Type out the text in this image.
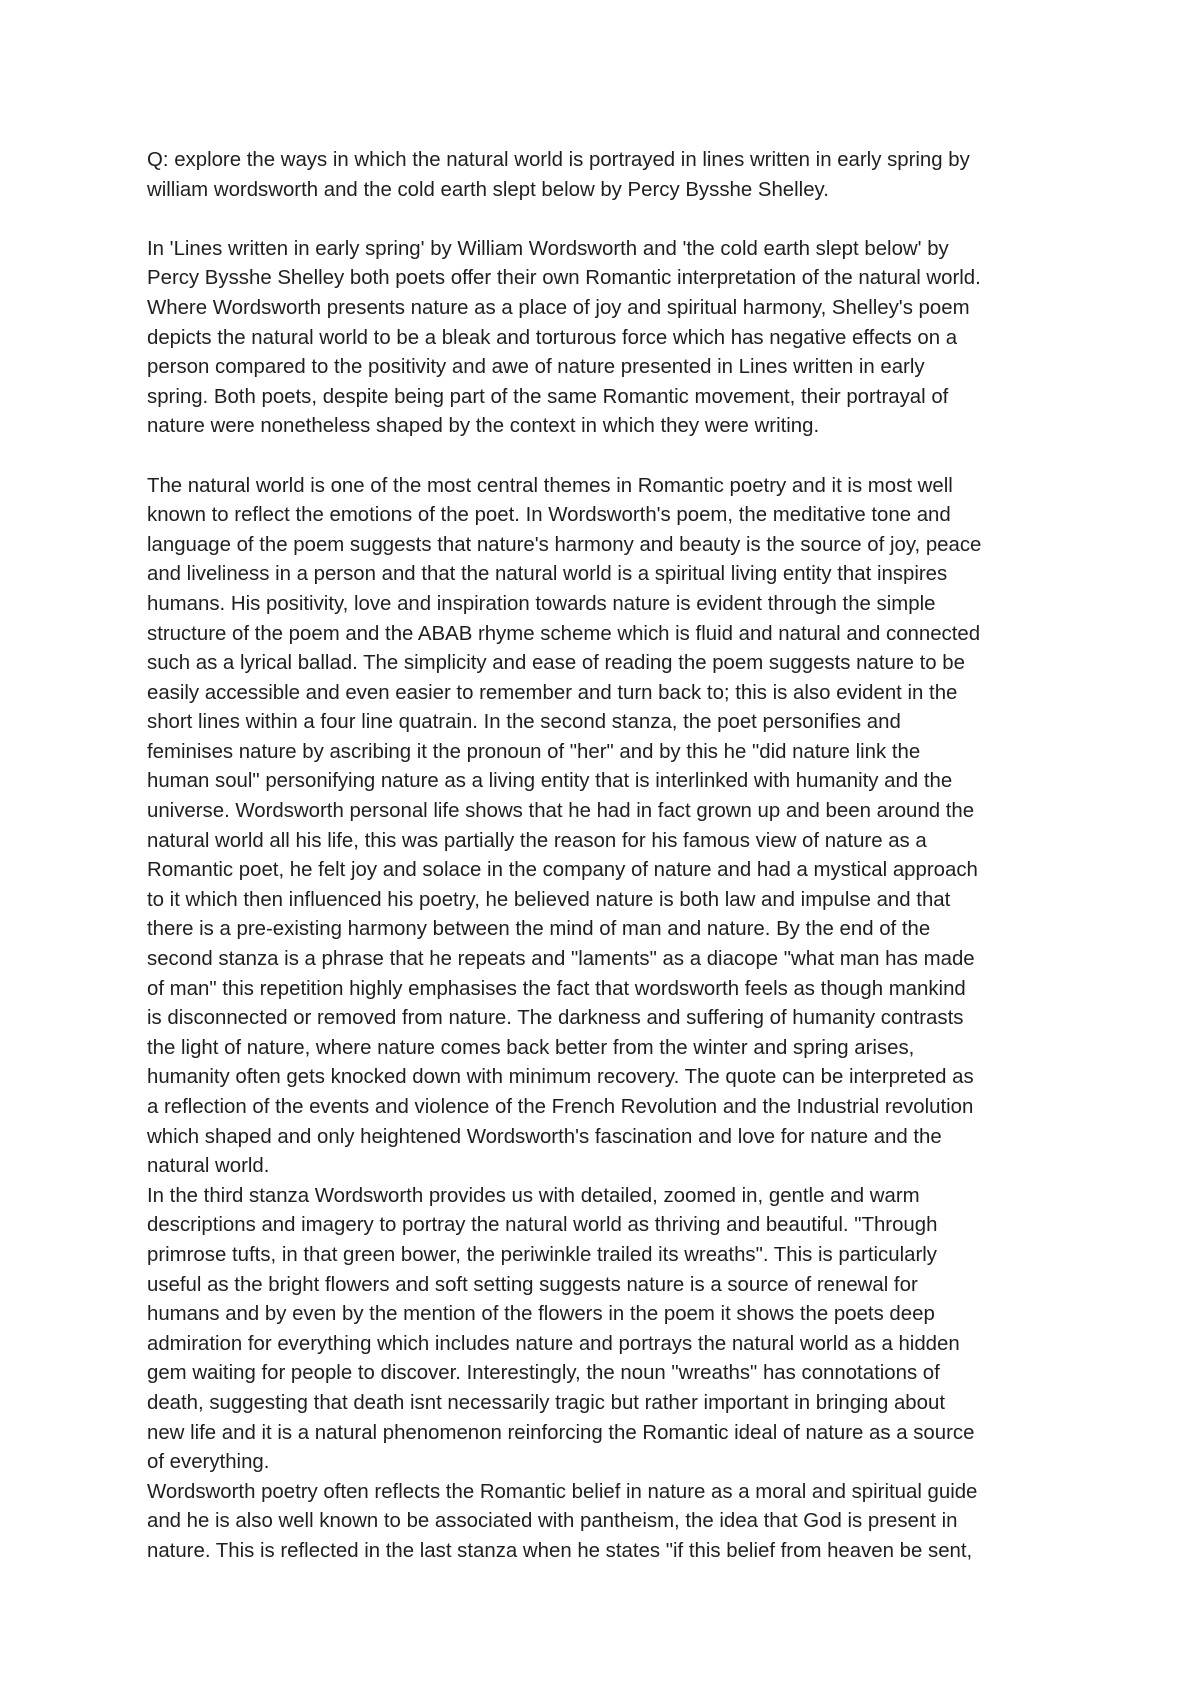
Q: explore the ways in which the natural world is portrayed in lines written in early spring by
william wordsworth and the cold earth slept below by Percy Bysshe Shelley.
In 'Lines written in early spring' by William Wordsworth and 'the cold earth slept below' by
Percy Bysshe Shelley both poets offer their own Romantic interpretation of the natural world.
Where Wordsworth presents nature as a place of joy and spiritual harmony, Shelley's poem
depicts the natural world to be a bleak and torturous force which has negative effects on a
person compared to the positivity and awe of nature presented in Lines written in early
spring. Both poets, despite being part of the same Romantic movement, their portrayal of
nature were nonetheless shaped by the context in which they were writing.
The natural world is one of the most central themes in Romantic poetry and it is most well
known to reflect the emotions of the poet. In Wordsworth's poem, the meditative tone and
language of the poem suggests that nature's harmony and beauty is the source of joy, peace
and liveliness in a person and that the natural world is a spiritual living entity that inspires
humans. His positivity, love and inspiration towards nature is evident through the simple
structure of the poem and the ABAB rhyme scheme which is fluid and natural and connected
such as a lyrical ballad. The simplicity and ease of reading the poem suggests nature to be
easily accessible and even easier to remember and turn back to; this is also evident in the
short lines within a four line quatrain. In the second stanza, the poet personifies and
feminises nature by ascribing it the pronoun of "her" and by this he "did nature link the
human soul" personifying nature as a living entity that is interlinked with humanity and the
universe. Wordsworth personal life shows that he had in fact grown up and been around the
natural world all his life, this was partially the reason for his famous view of nature as a
Romantic poet, he felt joy and solace in the company of nature and had a mystical approach
to it which then influenced his poetry, he believed nature is both law and impulse and that
there is a pre-existing harmony between the mind of man and nature. By the end of the
second stanza is a phrase that he repeats and "laments" as a diacope "what man has made
of man" this repetition highly emphasises the fact that wordsworth feels as though mankind
is disconnected or removed from nature. The darkness and suffering of humanity contrasts
the light of nature, where nature comes back better from the winter and spring arises,
humanity often gets knocked down with minimum recovery. The quote can be interpreted as
a reflection of the events and violence of the French Revolution and the Industrial revolution
which shaped and only heightened Wordsworth's fascination and love for nature and the
natural world.
In the third stanza Wordsworth provides us with detailed, zoomed in, gentle and warm
descriptions and imagery to portray the natural world as thriving and beautiful. "Through
primrose tufts, in that green bower, the periwinkle trailed its wreaths". This is particularly
useful as the bright flowers and soft setting suggests nature is a source of renewal for
humans and by even by the mention of the flowers in the poem it shows the poets deep
admiration for everything which includes nature and portrays the natural world as a hidden
gem waiting for people to discover. Interestingly, the noun "wreaths" has connotations of
death, suggesting that death isnt necessarily tragic but rather important in bringing about
new life and it is a natural phenomenon reinforcing the Romantic ideal of nature as a source
of everything.
Wordsworth poetry often reflects the Romantic belief in nature as a moral and spiritual guide
and he is also well known to be associated with pantheism, the idea that God is present in
nature. This is reflected in the last stanza when he states "if this belief from heaven be sent,
